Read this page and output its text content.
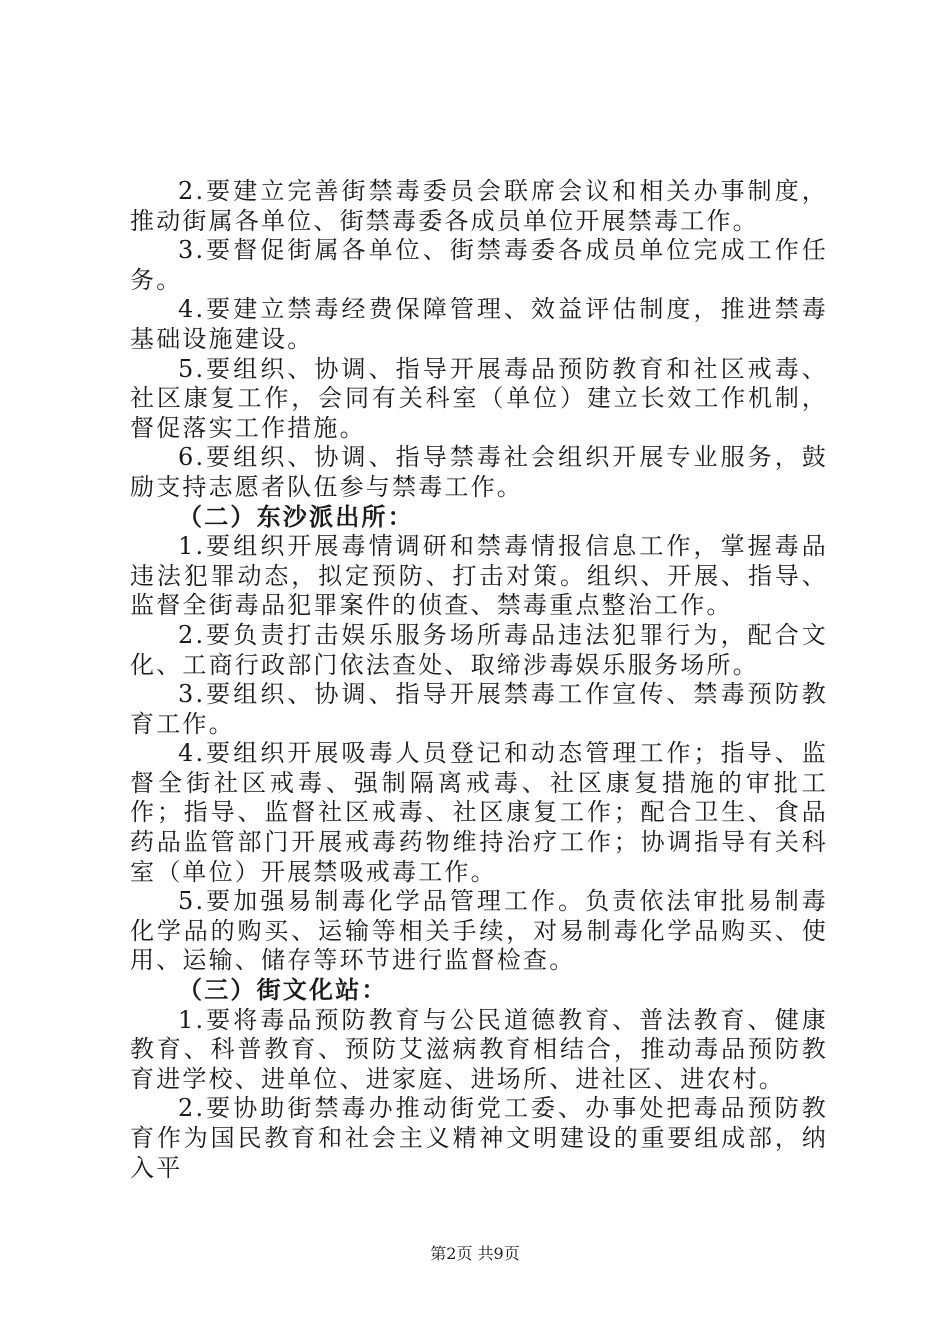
2.要建立完善街禁毒委员会联席会议和相关办事制度，推动街属各单位、街禁毒委各成员单位开展禁毒工作。

3.要督促街属各单位、街禁毒委各成员单位完成工作任务。

4.要建立禁毒经费保障管理、效益评估制度，推进禁毒基础设施建设。

5.要组织、协调、指导开展毒品预防教育和社区戒毒、社区康复工作，会同有关科室（单位）建立长效工作机制，督促落实工作措施。

6.要组织、协调、指导禁毒社会组织开展专业服务，鼓励支持志愿者队伍参与禁毒工作。

（二）东沙派出所：

1.要组织开展毒情调研和禁毒情报信息工作，掌握毒品违法犯罪动态，拟定预防、打击对策。组织、开展、指导、监督全街毒品犯罪案件的侦查、禁毒重点整治工作。

2.要负责打击娱乐服务场所毒品违法犯罪行为，配合文化、工商行政部门依法查处、取缔涉毒娱乐服务场所。

3.要组织、协调、指导开展禁毒工作宣传、禁毒预防教育工作。

4.要组织开展吸毒人员登记和动态管理工作；指导、监督全街社区戒毒、强制隔离戒毒、社区康复措施的审批工作；指导、监督社区戒毒、社区康复工作；配合卫生、食品药品监管部门开展戒毒药物维持治疗工作；协调指导有关科室（单位）开展禁吸戒毒工作。

5.要加强易制毒化学品管理工作。负责依法审批易制毒化学品的购买、运输等相关手续，对易制毒化学品购买、使用、运输、储存等环节进行监督检查。

（三）街文化站：

1.要将毒品预防教育与公民道德教育、普法教育、健康教育、科普教育、预防艾滋病教育相结合，推动毒品预防教育进学校、进单位、进家庭、进场所、进社区、进农村。

2.要协助街禁毒办推动街党工委、办事处把毒品预防教育作为国民教育和社会主义精神文明建设的重要组成部，纳入平

第2页 共9页
